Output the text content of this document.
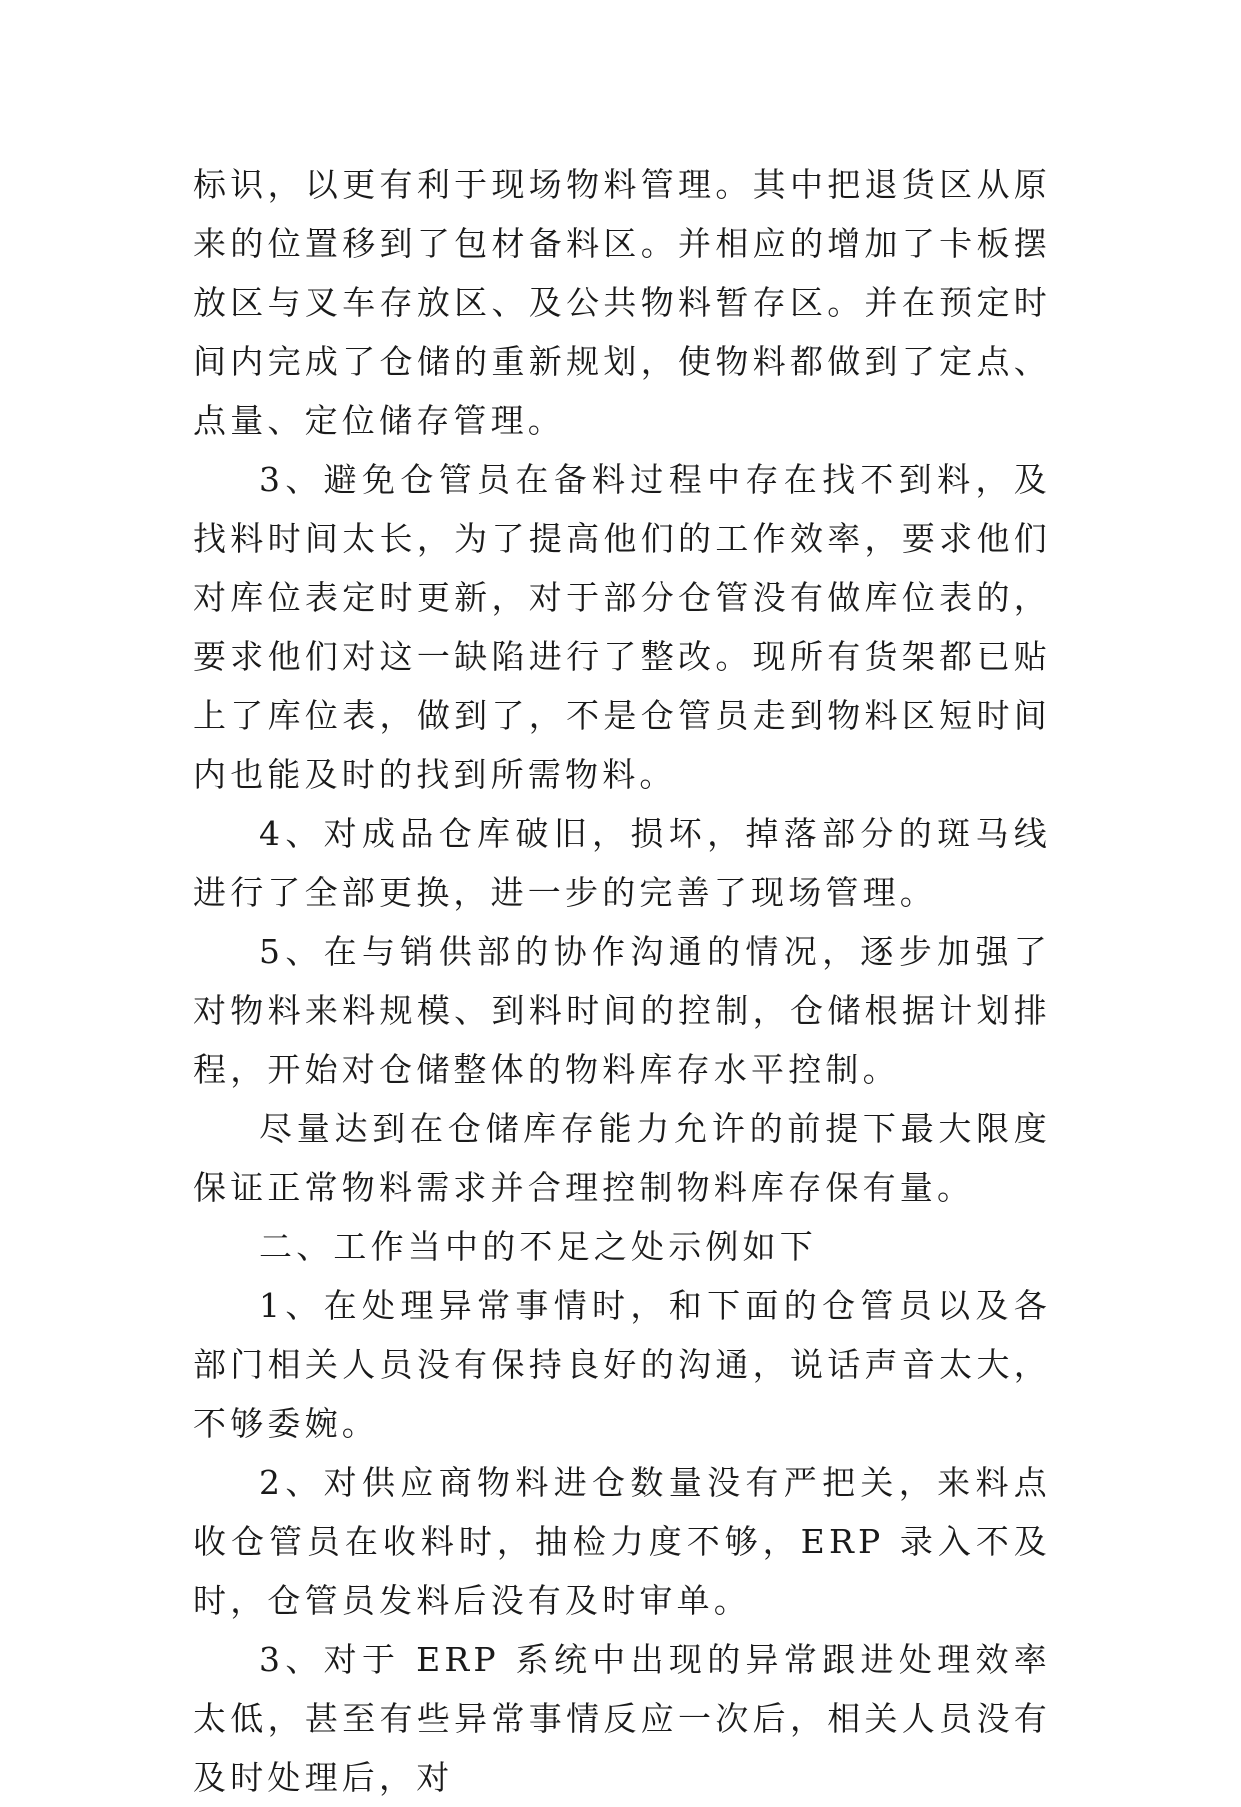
标识，以更有利于现场物料管理。其中把退货区从原来的位置移到了包材备料区。并相应的增加了卡板摆放区与叉车存放区、及公共物料暂存区。并在预定时间内完成了仓储的重新规划，使物料都做到了定点、点量、定位储存管理。

3、避免仓管员在备料过程中存在找不到料，及找料时间太长，为了提高他们的工作效率，要求他们对库位表定时更新，对于部分仓管没有做库位表的，要求他们对这一缺陷进行了整改。现所有货架都已贴上了库位表，做到了，不是仓管员走到物料区短时间内也能及时的找到所需物料。

4、对成品仓库破旧，损坏，掉落部分的斑马线进行了全部更换，进一步的完善了现场管理。

5、在与销供部的协作沟通的情况，逐步加强了对物料来料规模、到料时间的控制，仓储根据计划排程，开始对仓储整体的物料库存水平控制。

尽量达到在仓储库存能力允许的前提下最大限度保证正常物料需求并合理控制物料库存保有量。

二、工作当中的不足之处示例如下

1、在处理异常事情时，和下面的仓管员以及各部门相关人员没有保持良好的沟通，说话声音太大，不够委婉。

2、对供应商物料进仓数量没有严把关，来料点收仓管员在收料时，抽检力度不够，ERP 录入不及时，仓管员发料后没有及时审单。

3、对于 ERP 系统中出现的异常跟进处理效率太低，甚至有些异常事情反应一次后，相关人员没有及时处理后，对
